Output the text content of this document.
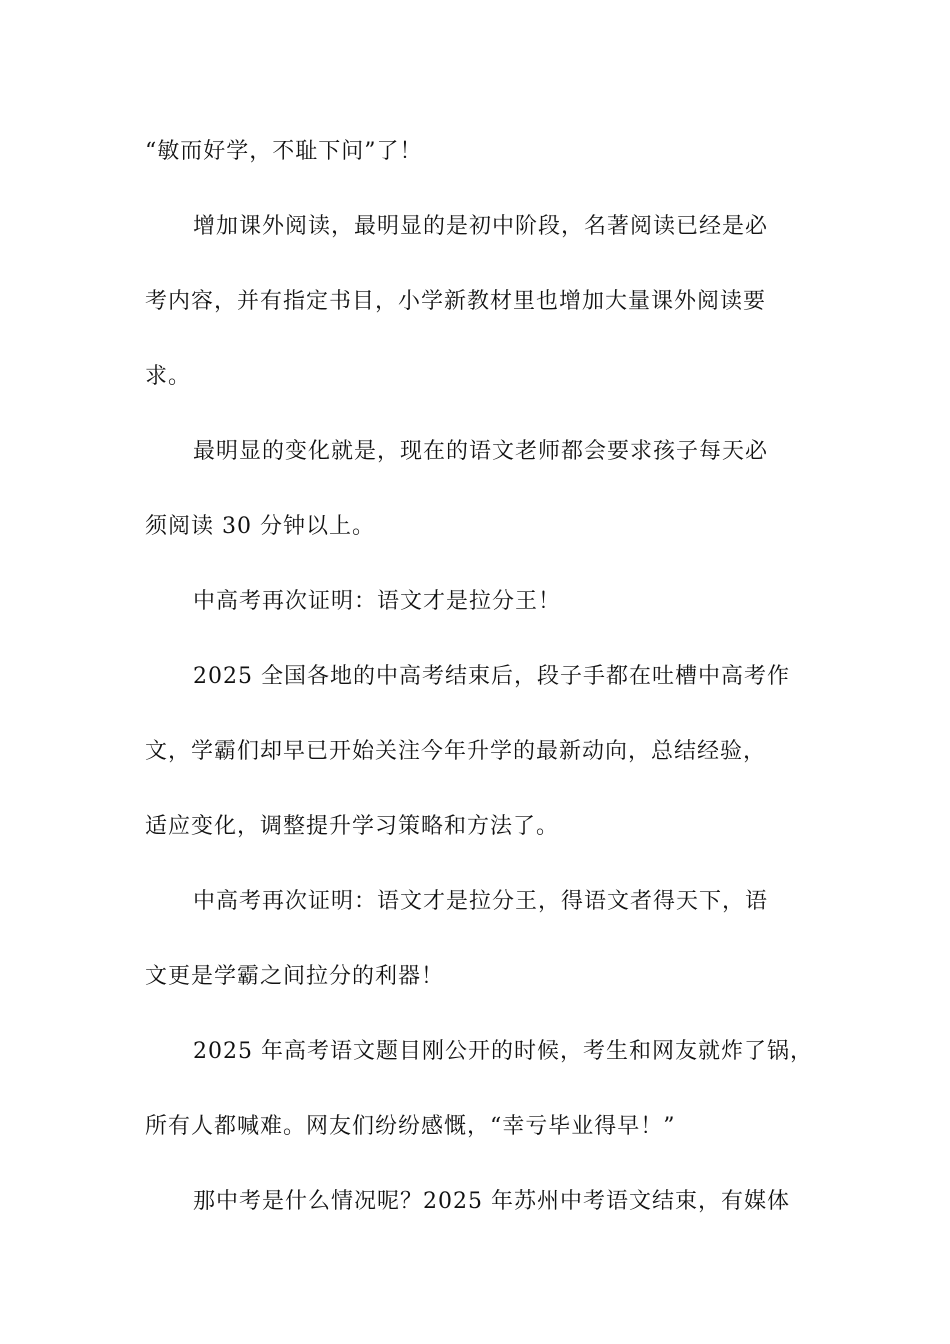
“敏而好学，不耻下问”了！
增加课外阅读，最明显的是初中阶段，名著阅读已经是必
考内容，并有指定书目，小学新教材里也增加大量课外阅读要
求。
最明显的变化就是，现在的语文老师都会要求孩子每天必
须阅读 30 分钟以上。
中高考再次证明：语文才是拉分王！
2025 全国各地的中高考结束后，段子手都在吐槽中高考作
文，学霸们却早已开始关注今年升学的最新动向，总结经验，
适应变化，调整提升学习策略和方法了。
中高考再次证明：语文才是拉分王，得语文者得天下，语
文更是学霸之间拉分的利器！
2025 年高考语文题目刚公开的时候，考生和网友就炸了锅，
所有人都喊难。网友们纷纷感慨，“幸亏毕业得早！”
那中考是什么情况呢？2025 年苏州中考语文结束，有媒体
